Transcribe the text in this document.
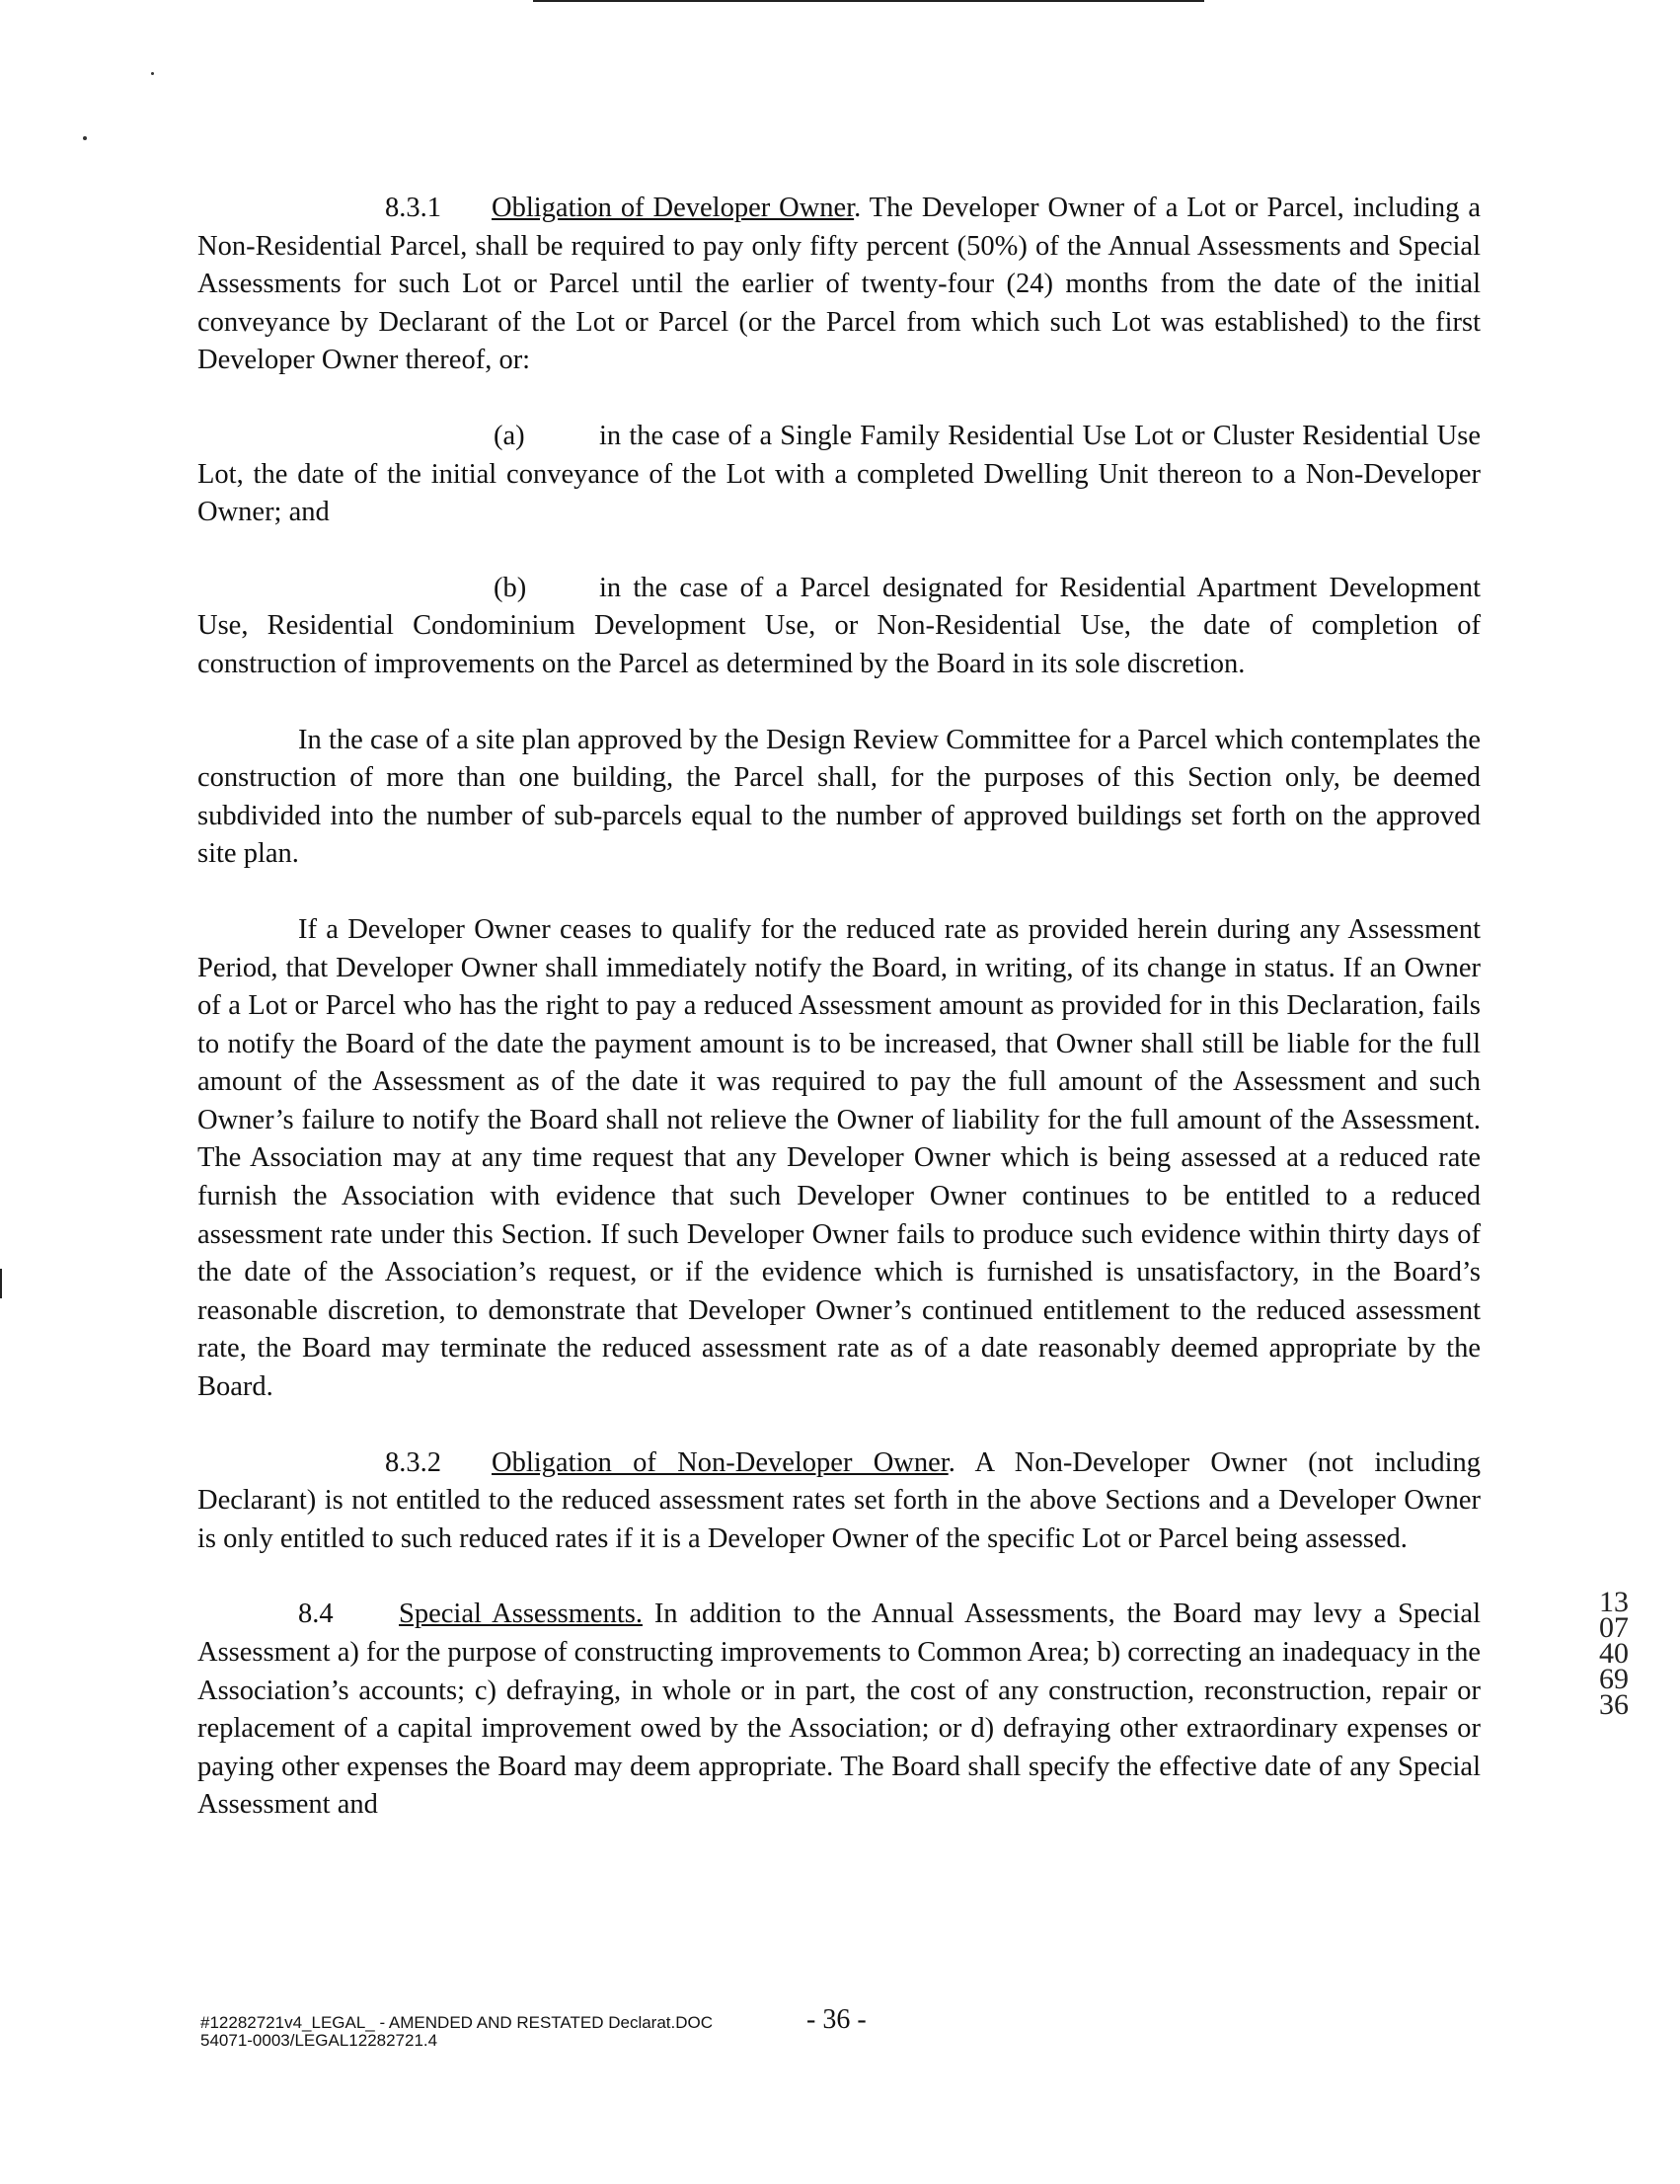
8.3.1 Obligation of Developer Owner. The Developer Owner of a Lot or Parcel, including a Non-Residential Parcel, shall be required to pay only fifty percent (50%) of the Annual Assessments and Special Assessments for such Lot or Parcel until the earlier of twenty-four (24) months from the date of the initial conveyance by Declarant of the Lot or Parcel (or the Parcel from which such Lot was established) to the first Developer Owner thereof, or:

(a)	in the case of a Single Family Residential Use Lot or Cluster Residential Use Lot, the date of the initial conveyance of the Lot with a completed Dwelling Unit thereon to a Non-Developer Owner; and

(b)	in the case of a Parcel designated for Residential Apartment Development Use, Residential Condominium Development Use, or Non-Residential Use, the date of completion of construction of improvements on the Parcel as determined by the Board in its sole discretion.

In the case of a site plan approved by the Design Review Committee for a Parcel which contemplates the construction of more than one building, the Parcel shall, for the purposes of this Section only, be deemed subdivided into the number of sub-parcels equal to the number of approved buildings set forth on the approved site plan.

If a Developer Owner ceases to qualify for the reduced rate as provided herein during any Assessment Period, that Developer Owner shall immediately notify the Board, in writing, of its change in status. If an Owner of a Lot or Parcel who has the right to pay a reduced Assessment amount as provided for in this Declaration, fails to notify the Board of the date the payment amount is to be increased, that Owner shall still be liable for the full amount of the Assessment as of the date it was required to pay the full amount of the Assessment and such Owner’s failure to notify the Board shall not relieve the Owner of liability for the full amount of the Assessment. The Association may at any time request that any Developer Owner which is being assessed at a reduced rate furnish the Association with evidence that such Developer Owner continues to be entitled to a reduced assessment rate under this Section. If such Developer Owner fails to produce such evidence within thirty days of the date of the Association’s request, or if the evidence which is furnished is unsatisfactory, in the Board’s reasonable discretion, to demonstrate that Developer Owner’s continued entitlement to the reduced assessment rate, the Board may terminate the reduced assessment rate as of a date reasonably deemed appropriate by the Board.

8.3.2 Obligation of Non-Developer Owner. A Non-Developer Owner (not including Declarant) is not entitled to the reduced assessment rates set forth in the above Sections and a Developer Owner is only entitled to such reduced rates if it is a Developer Owner of the specific Lot or Parcel being assessed.

8.4 Special Assessments. In addition to the Annual Assessments, the Board may levy a Special Assessment a) for the purpose of constructing improvements to Common Area; b) correcting an inadequacy in the Association’s accounts; c) defraying, in whole or in part, the cost of any construction, reconstruction, repair or replacement of a capital improvement owed by the Association; or d) defraying other extraordinary expenses or paying other expenses the Board may deem appropriate. The Board shall specify the effective date of any Special Assessment and

1307406936
#12282721v4_LEGAL_ - AMENDED AND RESTATED Declarat.DOC
54071-0003/LEGAL12282721.4
- 36 -
